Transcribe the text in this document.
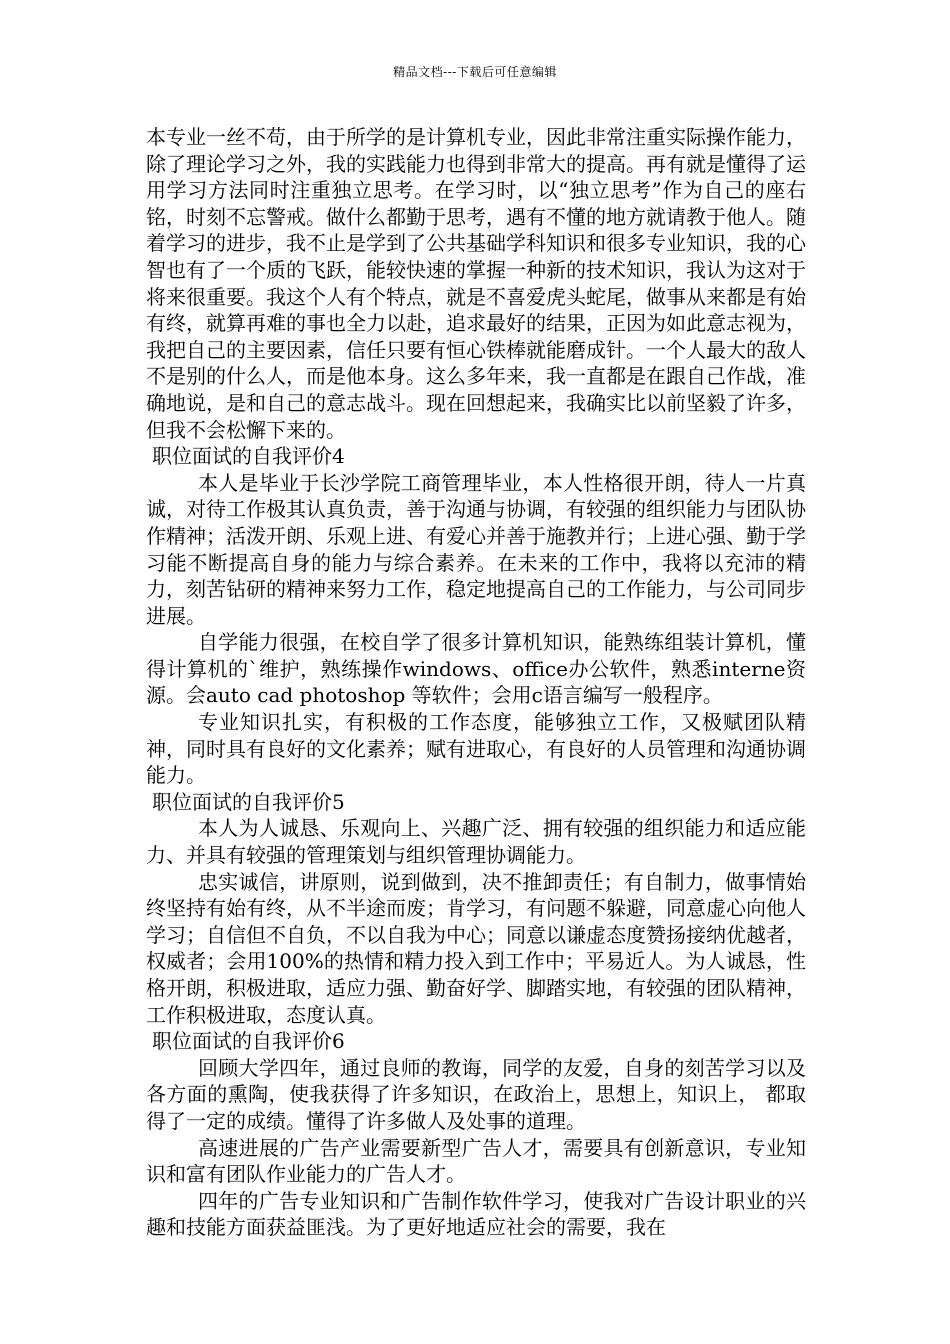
精品文档---下载后可任意编辑

本专业一丝不苟，由于所学的是计算机专业，因此非常注重实际操作能力，除了理论学习之外，我的实践能力也得到非常大的提高。再有就是懂得了运用学习方法同时注重独立思考。在学习时，以“独立思考”作为自己的座右铭，时刻不忘警戒。做什么都勤于思考，遇有不懂的地方就请教于他人。随着学习的进步，我不止是学到了公共基础学科知识和很多专业知识，我的心智也有了一个质的飞跃，能较快速的掌握一种新的技术知识，我认为这对于将来很重要。我这个人有个特点，就是不喜爱虎头蛇尾，做事从来都是有始有终，就算再难的事也全力以赴，追求最好的结果，正因为如此意志视为，我把自己的主要因素，信任只要有恒心铁棒就能磨成针。一个人最大的敌人不是别的什么人，而是他本身。这么多年来，我一直都是在跟自己作战，准确地说，是和自己的意志战斗。现在回想起来，我确实比以前坚毅了许多，但我不会松懈下来的。

职位面试的自我评价4

本人是毕业于长沙学院工商管理毕业，本人性格很开朗，待人一片真诚，对待工作极其认真负责，善于沟通与协调，有较强的组织能力与团队协作精神；活泼开朗、乐观上进、有爱心并善于施教并行；上进心强、勤于学习能不断提高自身的能力与综合素养。在未来的工作中，我将以充沛的精力，刻苦钻研的精神来努力工作，稳定地提高自己的工作能力，与公司同步进展。

自学能力很强，在校自学了很多计算机知识，能熟练组装计算机，懂得计算机的`维护，熟练操作windows、office办公软件，熟悉interne资源。会auto cad photoshop 等软件；会用c语言编写一般程序。

专业知识扎实，有积极的工作态度，能够独立工作，又极赋团队精神，同时具有良好的文化素养；赋有进取心，有良好的人员管理和沟通协调能力。

职位面试的自我评价5

本人为人诚恳、乐观向上、兴趣广泛、拥有较强的组织能力和适应能力、并具有较强的管理策划与组织管理协调能力。

忠实诚信，讲原则，说到做到，决不推卸责任；有自制力，做事情始终坚持有始有终，从不半途而废；肯学习，有问题不躲避，同意虚心向他人学习；自信但不自负，不以自我为中心；同意以谦虚态度赞扬接纳优越者，权威者；会用100%的热情和精力投入到工作中；平易近人。为人诚恳，性格开朗，积极进取，适应力强、勤奋好学、脚踏实地，有较强的团队精神，工作积极进取，态度认真。

职位面试的自我评价6

回顾大学四年，通过良师的教诲，同学的友爱，自身的刻苦学习以及各方面的熏陶，使我获得了许多知识，在政治上，思想上，知识上， 都取得了一定的成绩。懂得了许多做人及处事的道理。

高速进展的广告产业需要新型广告人才，需要具有创新意识，专业知识和富有团队作业能力的广告人才。

四年的广告专业知识和广告制作软件学习，使我对广告设计职业的兴趣和技能方面获益匪浅。为了更好地适应社会的需要，我在
